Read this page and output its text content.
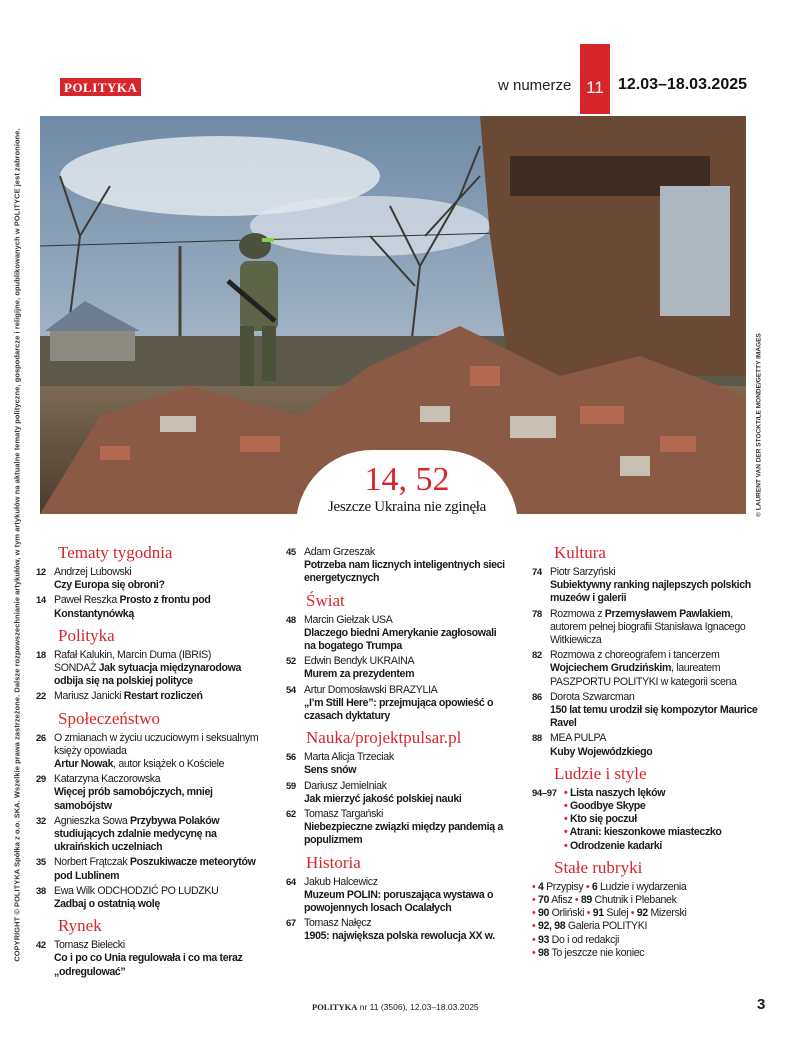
COPYRIGHT © POLITYKA Spółka z o.o. SKA. Wszelkie prawa zastrzeżone. Dalsze rozpowszechnianie artykułów, w tym artykułów na aktualne tematy polityczne, gospodarcze i religijne, opublikowanych w POLITYCE jest zabronione.
POLITYKA	w numerze 11 12.03–18.03.2025
© LAURENT VAN DER STOCKT/LE MONDE/GETTY IMAGES
14, 52
Jeszcze Ukraina nie zginęła
Tematy tygodnia
12 Andrzej Lubowski
Czy Europa się obroni?
14 Paweł Reszka Prosto z frontu pod Konstantynówką
Polityka
18 Rafał Kalukin, Marcin Duma (IBRIS)
SONDAŻ Jak sytuacja międzynarodowa odbija się na polskiej polityce
22 Mariusz Janicki Restart rozliczeń
Społeczeństwo
26 O zmianach w życiu uczuciowym i seksualnym księży opowiada
Artur Nowak, autor książek o Kościele
29 Katarzyna Kaczorowska
Więcej prób samobójczych, mniej samobójstw
32 Agnieszka Sowa Przybywa Polaków studiujących zdalnie medycynę na ukraińskich uczelniach
35 Norbert Frątczak Poszukiwacze meteorytów pod Lublinem
38 Ewa Wilk ODCHODZIĆ PO LUDZKU
Zadbaj o ostatnią wolę
Rynek
42 Tomasz Bielecki
Co i po co Unia regulowała i co ma teraz „odregulować”
45 Adam Grzeszak
Potrzeba nam licznych inteligentnych sieci energetycznych
Świat
48 Marcin Giełzak USA
Dlaczego biedni Amerykanie zagłosowali na bogatego Trumpa
52 Edwin Bendyk UKRAINA
Murem za prezydentem
54 Artur Domosławski BRAZYLIA
„I’m Still Here”: przejmująca opowieść o czasach dyktatury
Nauka/projektpulsar.pl
56 Marta Alicja Trzeciak
Sens snów
59 Dariusz Jemielniak
Jak mierzyć jakość polskiej nauki
62 Tomasz Targański
Niebezpieczne związki między pandemią a populizmem
Historia
64 Jakub Halcewicz
Muzeum POLIN: poruszająca wystawa o powojennych losach Ocalałych
67 Tomasz Nałęcz
1905: największa polska rewolucja XX w.
Kultura
74 Piotr Sarzyński
Subiektywny ranking najlepszych polskich muzeów i galerii
78 Rozmowa z Przemysławem Pawlakiem, autorem pełnej biografii Stanisława Ignacego Witkiewicza
82 Rozmowa z choreografem i tancerzem
Wojciechem Grudzińskim, laureatem PASZPORTU POLITYKI w kategorii scena
86 Dorota Szwarcman
150 lat temu urodził się kompozytor Maurice Ravel
88 MEA PULPA
Kuby Wojewódzkiego
Ludzie i style
94–97 • Lista naszych lęków
• Goodbye Skype
• Kto się poczuł
• Atrani: kieszonkowe miasteczko
• Odrodzenie kadarki
Stałe rubryki
• 4 Przypisy • 6 Ludzie i wydarzenia
• 70 Afisz • 89 Chutnik i Plebanek
• 90 Orliński • 91 Sulej • 92 Mizerski
• 92, 98 Galeria POLITYKI
• 93 Do i od redakcji
• 98 To jeszcze nie koniec
POLITYKA nr 11 (3506), 12.03–18.03.2025	3
